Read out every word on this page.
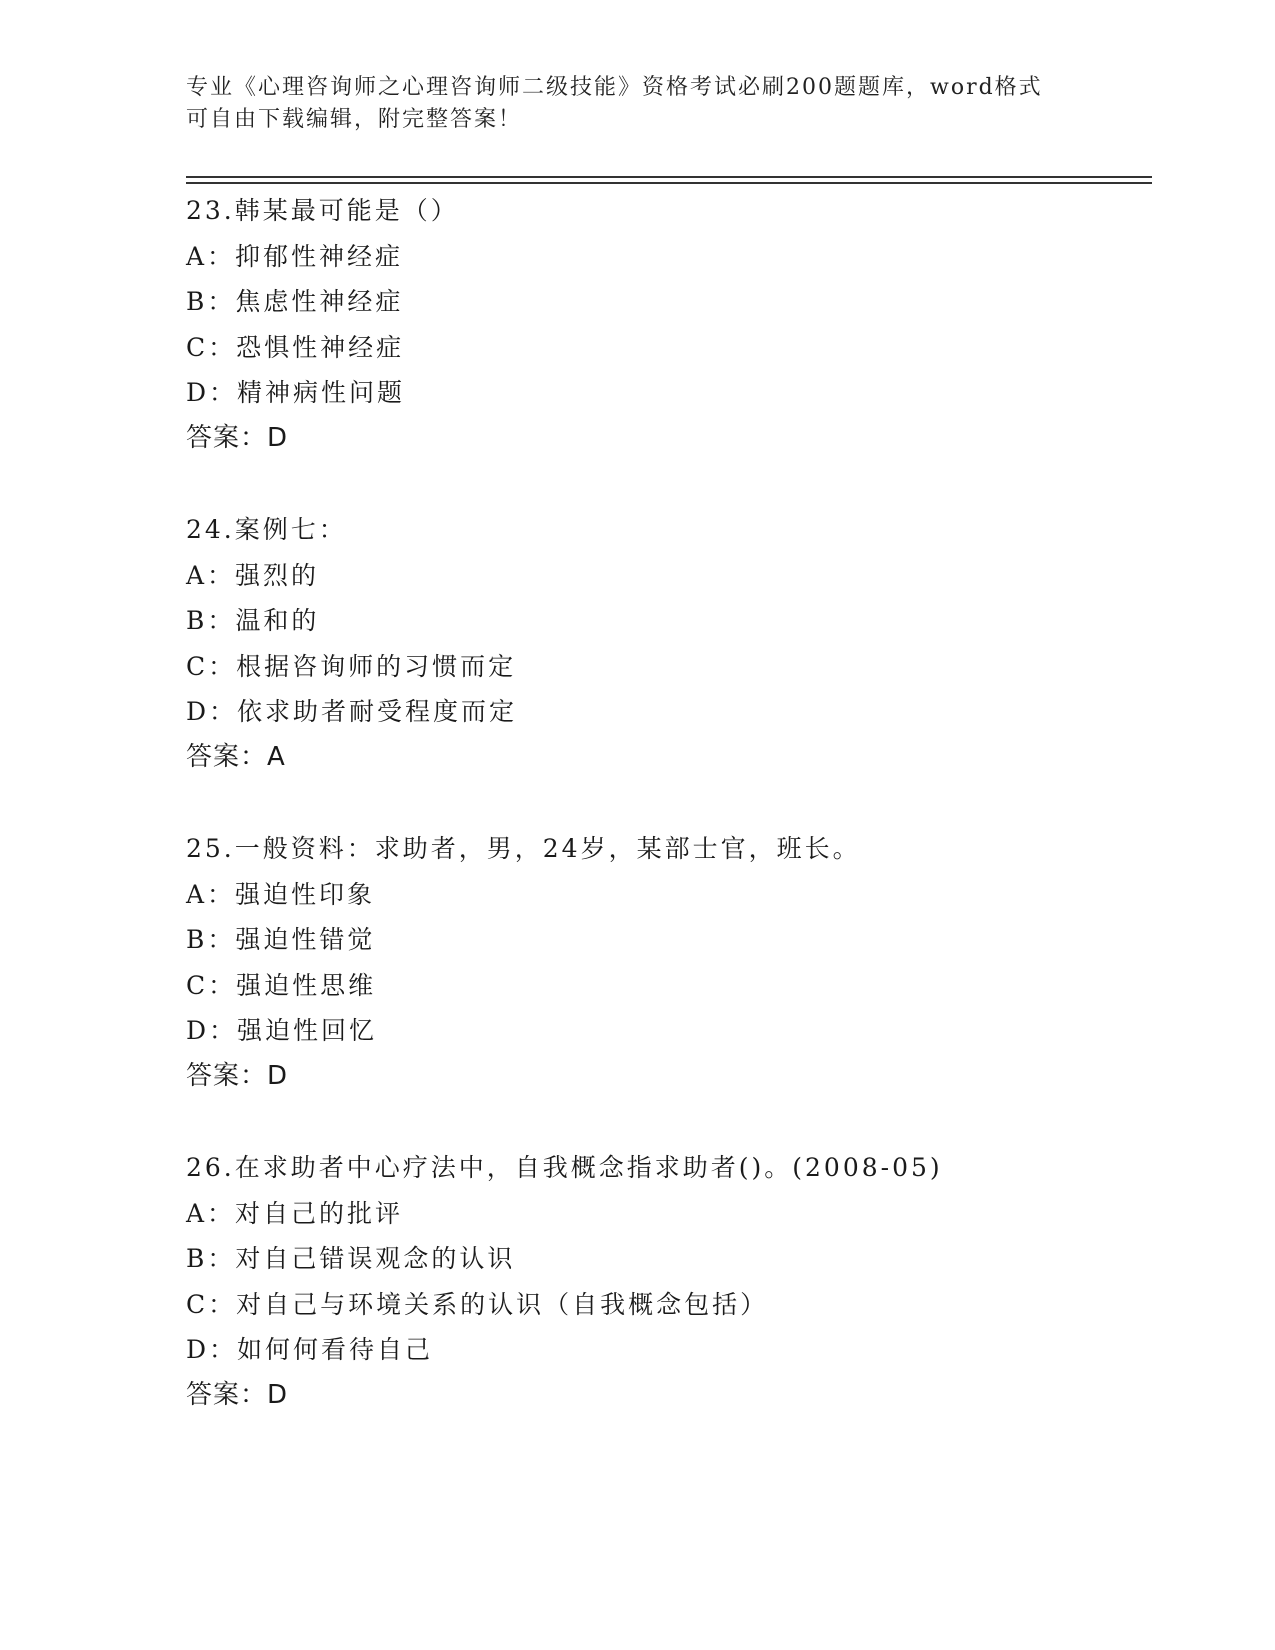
专业《心理咨询师之心理咨询师二级技能》资格考试必刷200题题库，word格式
可自由下载编辑，附完整答案！
23.韩某最可能是（）
A：抑郁性神经症
B：焦虑性神经症
C：恐惧性神经症
D：精神病性问题
答案：D
24.案例七：
A：强烈的
B：温和的
C：根据咨询师的习惯而定
D：依求助者耐受程度而定
答案：A
25.一般资料：求助者，男，24岁，某部士官，班长。
A：强迫性印象
B：强迫性错觉
C：强迫性思维
D：强迫性回忆
答案：D
26.在求助者中心疗法中，自我概念指求助者()。(2008-05)
A：对自己的批评
B：对自己错误观念的认识
C：对自己与环境关系的认识（自我概念包括）
D：如何何看待自己
答案：D
